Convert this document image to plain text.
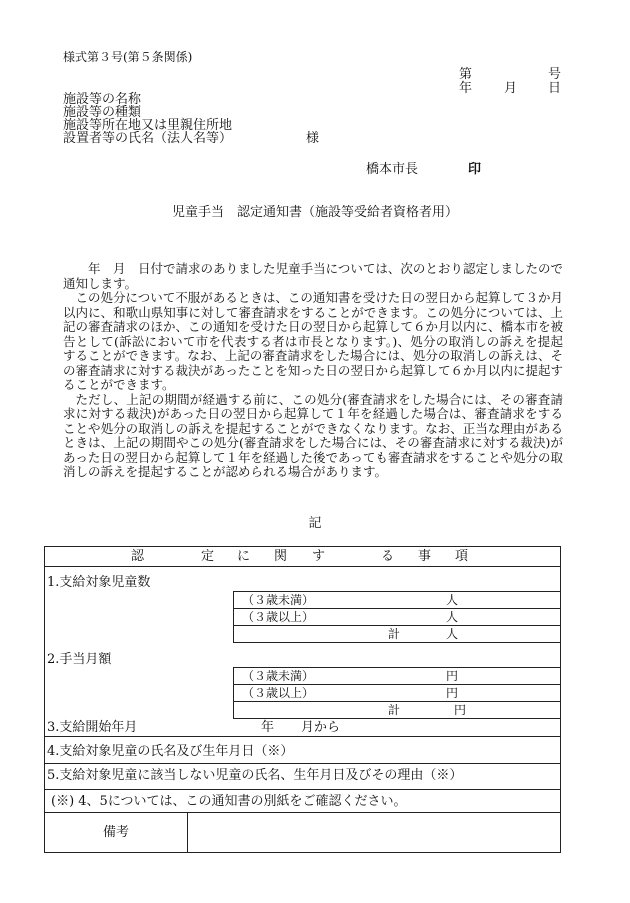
様式第３号(第５条関係)
第	号
年 月 日
施設等の名称
施設等の種類
施設等所在地又は里親住所地
設置者等の氏名（法人名等）	様
橋本市長	印
児童手当　認定通知書（施設等受給者資格者用）

年　月　日付で請求のありました児童手当については、次のとおり認定しましたので通知します。

この処分について不服があるときは、この通知書を受けた日の翌日から起算して３か月以内に、和歌山県知事に対して審査請求をすることができます。この処分については、上記の審査請求のほか、この通知を受けた日の翌日から起算して６か月以内に、橋本市を被告として(訴訟において市を代表する者は市長となります。)、処分の取消しの訴えを提起することができます。なお、上記の審査請求をした場合には、処分の取消しの訴えは、その審査請求に対する裁決があったことを知った日の翌日から起算して６か月以内に提起することができます。

ただし、上記の期間が経過する前に、この処分(審査請求をした場合には、その審査請求に対する裁決)があった日の翌日から起算して１年を経過した場合は、審査請求をすることや処分の取消しの訴えを提起することができなくなります。なお、正当な理由があるときは、上記の期間やこの処分(審査請求をした場合には、その審査請求に対する裁決)があった日の翌日から起算して１年を経過した後であっても審査請求をすることや処分の取消しの訴えを提起することが認められる場合があります。

記
認	定 に 関 す	る 事 項
1.支給対象児童数
（３歳未満）	人
（３歳以上）	人
計	人
2.手当月額
（３歳未満）	円
（３歳以上）	円
計	円
3.支給開始年月	年 月から
4.支給対象児童の氏名及び生年月日（※）
5.支給対象児童に該当しない児童の氏名、生年月日及びその理由（※）
(※) 4、5については、この通知書の別紙をご確認ください。
備考
